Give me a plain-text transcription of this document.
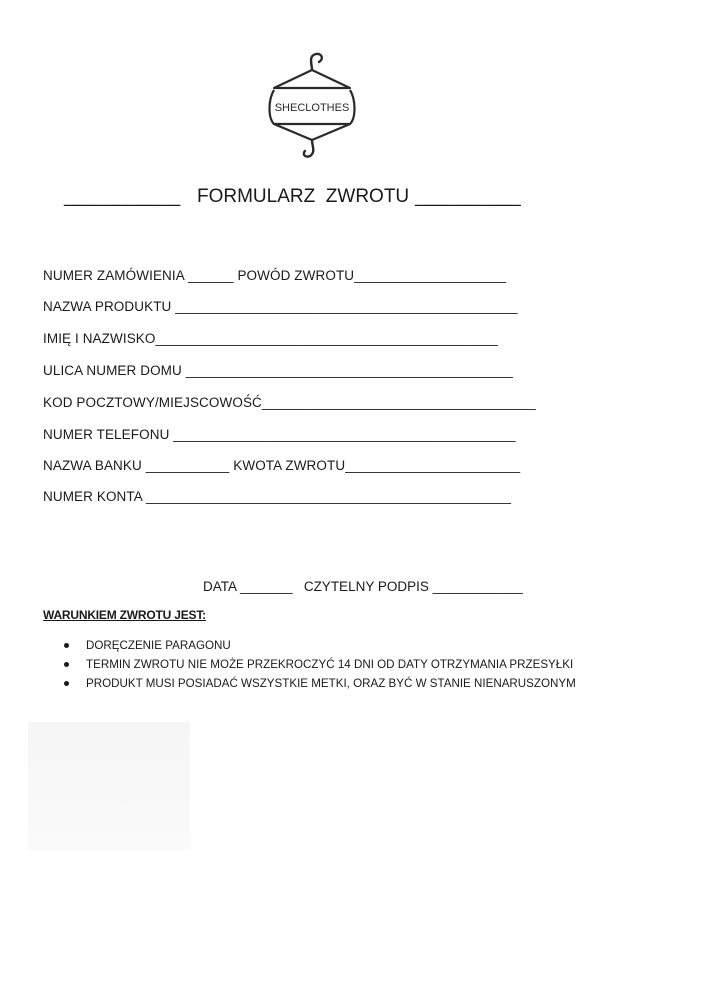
SHECLOTHES

___________

FORMULARZ  ZWROTU

__________

NUMER ZAMÓWIENIA ______ POWÓD ZWROTU____________________
NAZWA PRODUKTU _____________________________________________
IMIĘ I NAZWISKO_____________________________________________
ULICA NUMER DOMU ___________________________________________
KOD POCZTOWY/MIEJSCOWOŚĆ____________________________________
NUMER TELEFONU _____________________________________________
NAZWA BANKU ___________ KWOTA ZWROTU_______________________
NUMER KONTA ________________________________________________
DATA _______   CZYTELNY PODPIS ____________
WARUNKIEM ZWROTU JEST:
DORĘCZENIE PARAGONU
TERMIN ZWROTU NIE MOŻE PRZEKROCZYĆ 14 DNI OD DATY OTRZYMANIA PRZESYŁKI
PRODUKT MUSI POSIADAĆ WSZYSTKIE METKI, ORAZ BYĆ W STANIE NIENARUSZONYM
